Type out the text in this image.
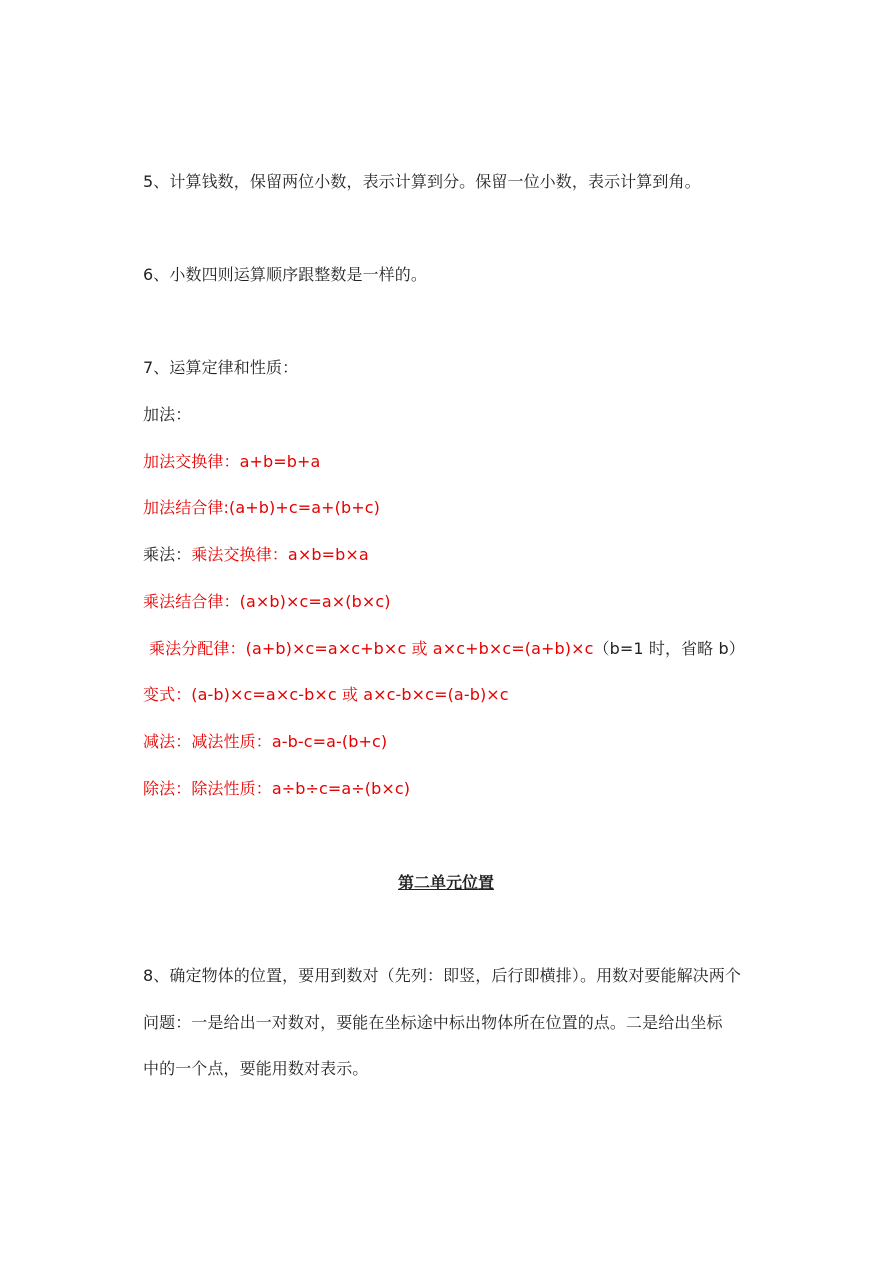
5、计算钱数，保留两位小数，表示计算到分。保留一位小数，表示计算到角。
6、小数四则运算顺序跟整数是一样的。
7、运算定律和性质：
加法：
加法交换律：a+b=b+a
加法结合律:(a+b)+c=a+(b+c)
乘法：乘法交换律：a×b=b×a
乘法结合律：(a×b)×c=a×(b×c)
乘法分配律：(a+b)×c=a×c+b×c 或 a×c+b×c=(a+b)×c（b=1 时，省略 b）
变式：(a-b)×c=a×c-b×c 或 a×c-b×c=(a-b)×c
减法：减法性质：a-b-c=a-(b+c)
除法：除法性质：a÷b÷c=a÷(b×c)
第二单元位置
8、确定物体的位置，要用到数对（先列：即竖，后行即横排）。用数对要能解决两个
问题：一是给出一对数对，要能在坐标途中标出物体所在位置的点。二是给出坐标
中的一个点，要能用数对表示。
